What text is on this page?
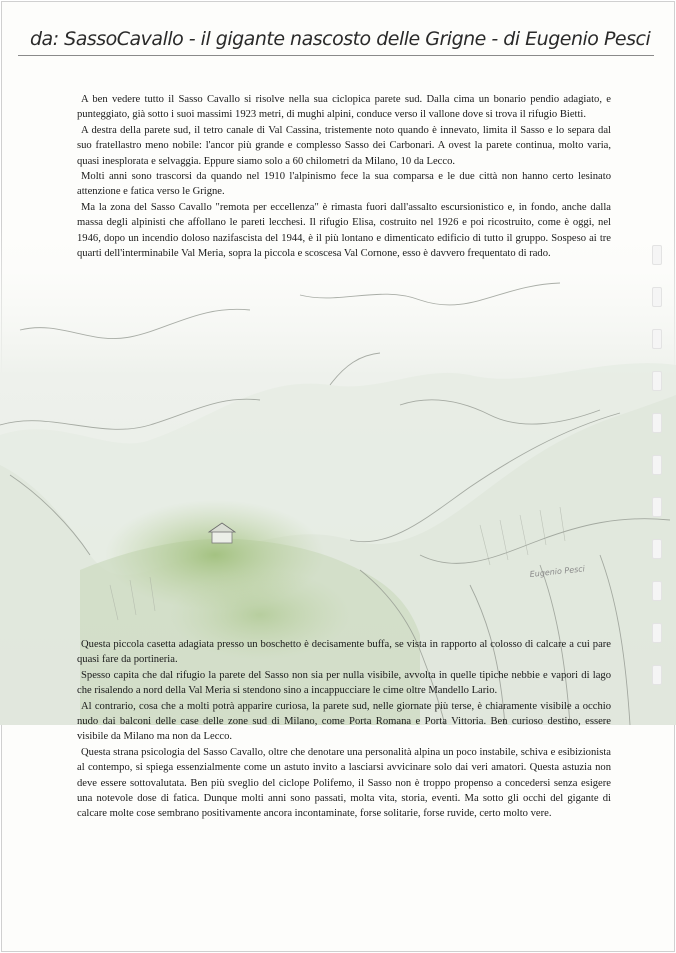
da: SassoCavallo - il gigante nascosto delle Grigne - di Eugenio Pesci
Eugenio Pesci

A ben vedere tutto il Sasso Cavallo si risolve nella sua ciclopica parete sud. Dalla cima un bonario pendio adagiato, e punteggiato, già sotto i suoi massimi 1923 metri, di mughi alpini, conduce verso il vallone dove si trova il rifugio Bietti.

A destra della parete sud, il tetro canale di Val Cassina, tristemente noto quando è innevato, limita il Sasso e lo separa dal suo fratellastro meno nobile: l'ancor più grande e complesso Sasso dei Carbonari. A ovest la parete continua, molto varia, quasi inesplorata e selvaggia. Eppure siamo solo a 60 chilometri da Milano, 10 da Lecco.

Molti anni sono trascorsi da quando nel 1910 l'alpinismo fece la sua comparsa e le due città non hanno certo lesinato attenzione e fatica verso le Grigne.

Ma la zona del Sasso Cavallo "remota per eccellenza" è rimasta fuori dall'assalto escursionistico e, in fondo, anche dalla massa degli alpinisti che affollano le pareti lecchesi. Il rifugio Elisa, costruito nel 1926 e poi ricostruito, come è oggi, nel 1946, dopo un incendio doloso nazifascista del 1944, è il più lontano e dimenticato edificio di tutto il gruppo. Sospeso ai tre quarti dell'interminabile Val Meria, sopra la piccola e scoscesa Val Cornone, esso è davvero frequentato di rado.

Questa piccola casetta adagiata presso un boschetto è decisamente buffa, se vista in rapporto al colosso di calcare a cui pare quasi fare da portineria.

Spesso capita che dal rifugio la parete del Sasso non sia per nulla visibile, avvolta in quelle tipiche nebbie e vapori di lago che risalendo a nord della Val Meria si stendono sino a incappucciare le cime oltre Mandello Lario.

Al contrario, cosa che a molti potrà apparire curiosa, la parete sud, nelle giornate più terse, è chiaramente visibile a occhio nudo dai balconi delle case delle zone sud di Milano, come Porta Romana e Porta Vittoria. Ben curioso destino, essere visibile da Milano ma non da Lecco.

Questa strana psicologia del Sasso Cavallo, oltre che denotare una personalità alpina un poco instabile, schiva e esibizionista al contempo, si spiega essenzialmente come un astuto invito a lasciarsi avvicinare solo dai veri amatori. Questa astuzia non deve essere sottovalutata. Ben più sveglio del ciclope Polifemo, il Sasso non è troppo propenso a concedersi senza esigere una notevole dose di fatica. Dunque molti anni sono passati, molta vita, storia, eventi. Ma sotto gli occhi del gigante di calcare molte cose sembrano positivamente ancora incontaminate, forse solitarie, forse ruvide, certo molto vere.
